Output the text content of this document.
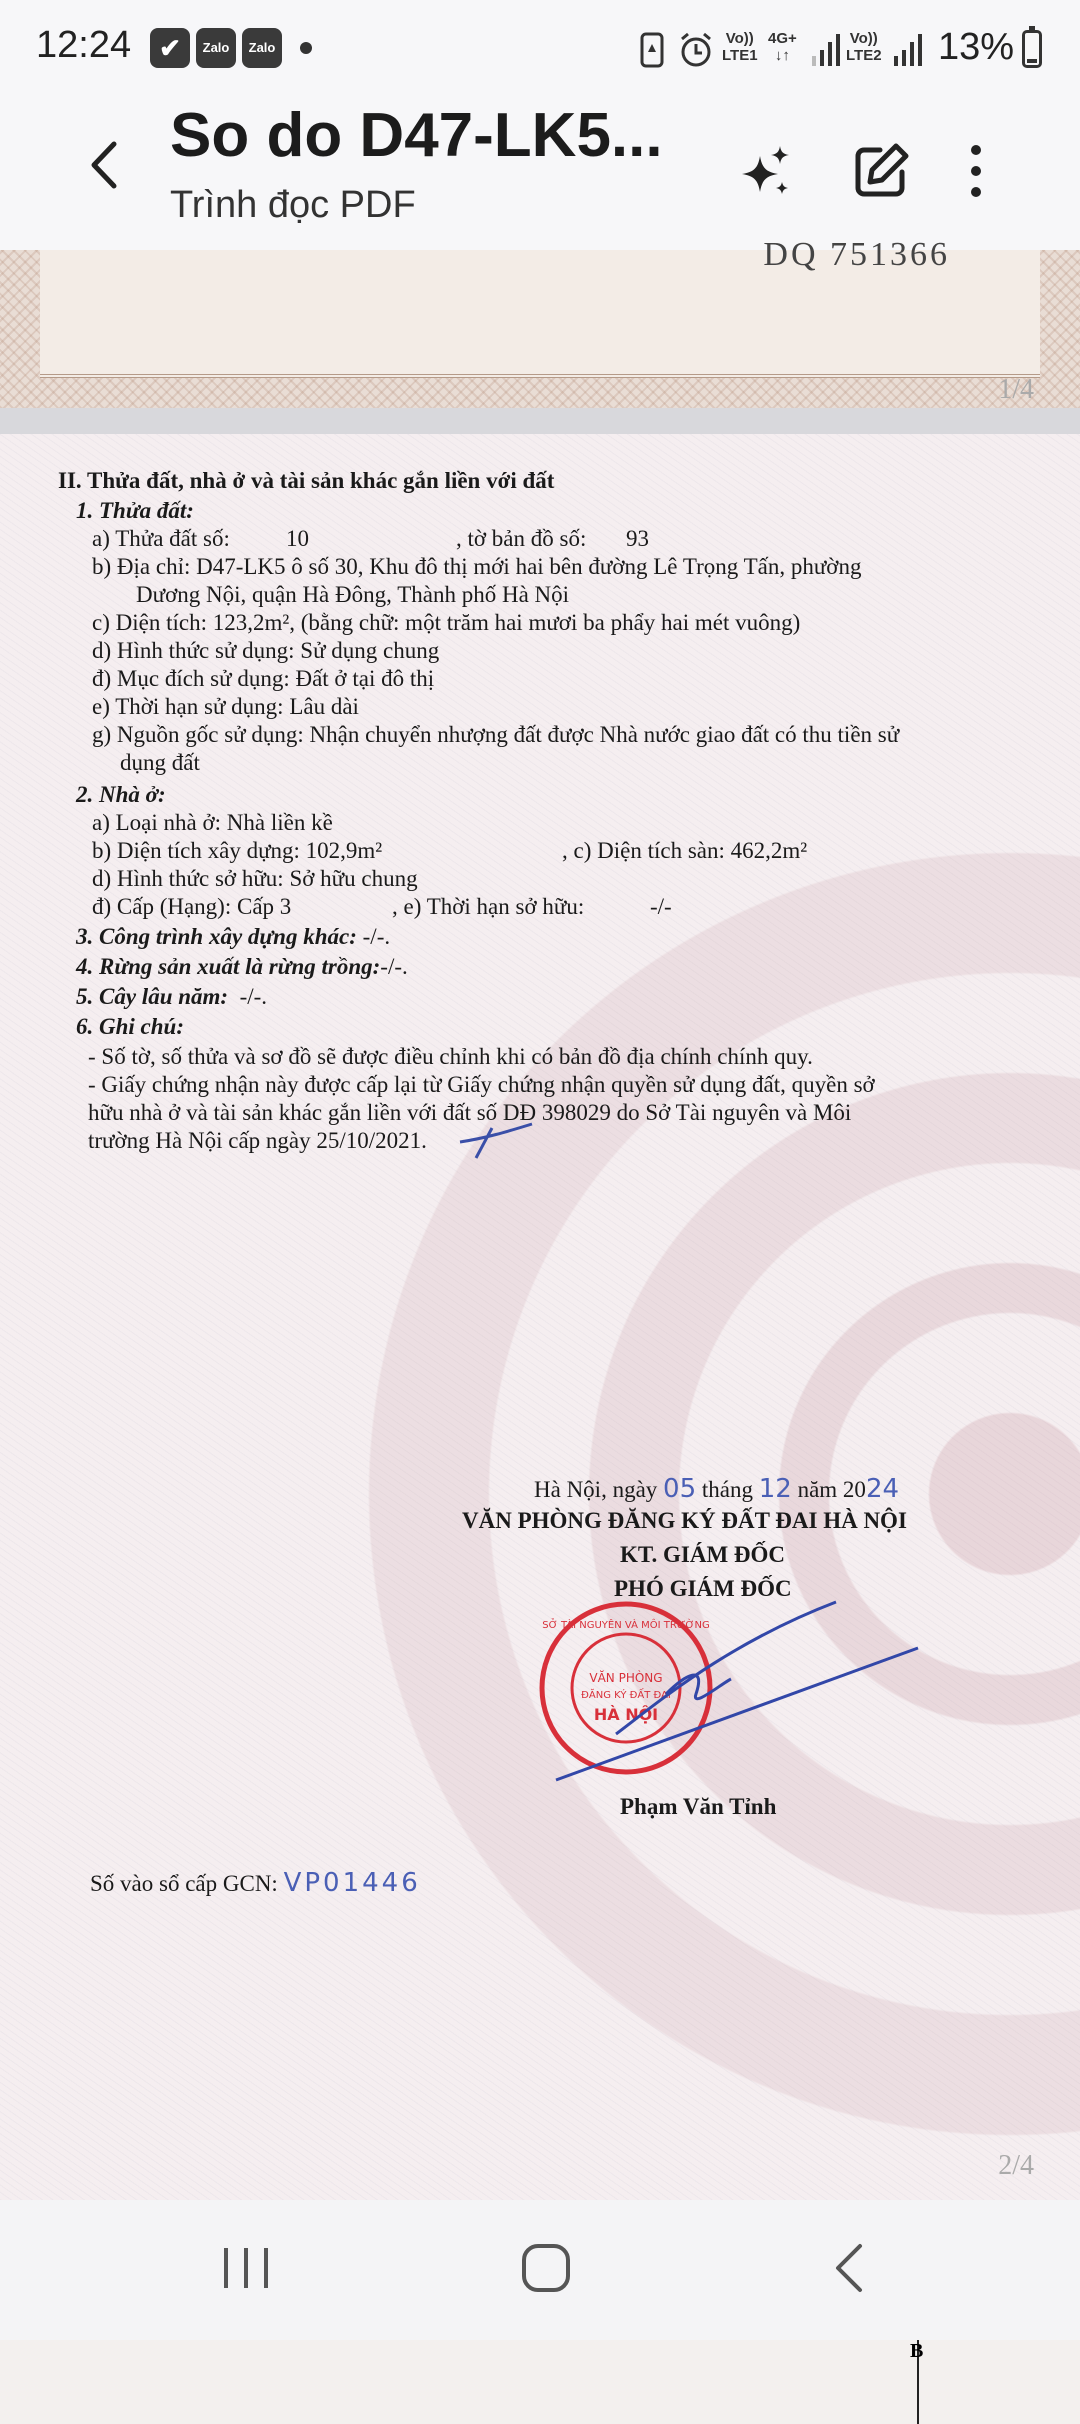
12:24	✔	Zalo	Zalo
Vo))
LTE1
4G+
↓↑
Vo))
LTE2 13%
So do D47-LK5...
Trình đọc PDF
DQ 751366
1/4
II. Thửa đất, nhà ở và tài sản khác gắn liền với đất
1. Thửa đất:
a) Thửa đất số: 10	, tờ bản đồ số: 93
b) Địa chỉ: D47-LK5 ô số 30, Khu đô thị mới hai bên đường Lê Trọng Tấn, phường
Dương Nội, quận Hà Đông, Thành phố Hà Nội
c) Diện tích: 123,2m², (bằng chữ: một trăm hai mươi ba phẩy hai mét vuông)
d) Hình thức sử dụng: Sử dụng chung
đ) Mục đích sử dụng: Đất ở tại đô thị
e) Thời hạn sử dụng: Lâu dài
g) Nguồn gốc sử dụng: Nhận chuyển nhượng đất được Nhà nước giao đất có thu tiền sử
dụng đất
2. Nhà ở:
a) Loại nhà ở: Nhà liền kề
b) Diện tích xây dựng: 102,9m²	, c) Diện tích sàn: 462,2m²
d) Hình thức sở hữu: Sở hữu chung
đ) Cấp (Hạng): Cấp 3	, e) Thời hạn sở hữu:	-/-
3. Công trình xây dựng khác: -/-.
4. Rừng sản xuất là rừng trồng:-/-.
5. Cây lâu năm: -/-.
6. Ghi chú:
- Số tờ, số thửa và sơ đồ sẽ được điều chỉnh khi có bản đồ địa chính chính quy.
- Giấy chứng nhận này được cấp lại từ Giấy chứng nhận quyền sử dụng đất, quyền sở
hữu nhà ở và tài sản khác gắn liền với đất số DĐ 398029 do Sở Tài nguyên và Môi
trường Hà Nội cấp ngày 25/10/2021.
Hà Nội, ngày 05 tháng 12 năm 2024
VĂN PHÒNG ĐĂNG KÝ ĐẤT ĐAI HÀ NỘI
KT. GIÁM ĐỐC
PHÓ GIÁM ĐỐC
VĂN PHÒNG
ĐĂNG KÝ ĐẤT ĐAI
HÀ NỘI
SỞ TÀI NGUYÊN VÀ MÔI TRƯỜNG
Phạm Văn Tỉnh
Số vào sổ cấp GCN: VP01446
2/4
B
